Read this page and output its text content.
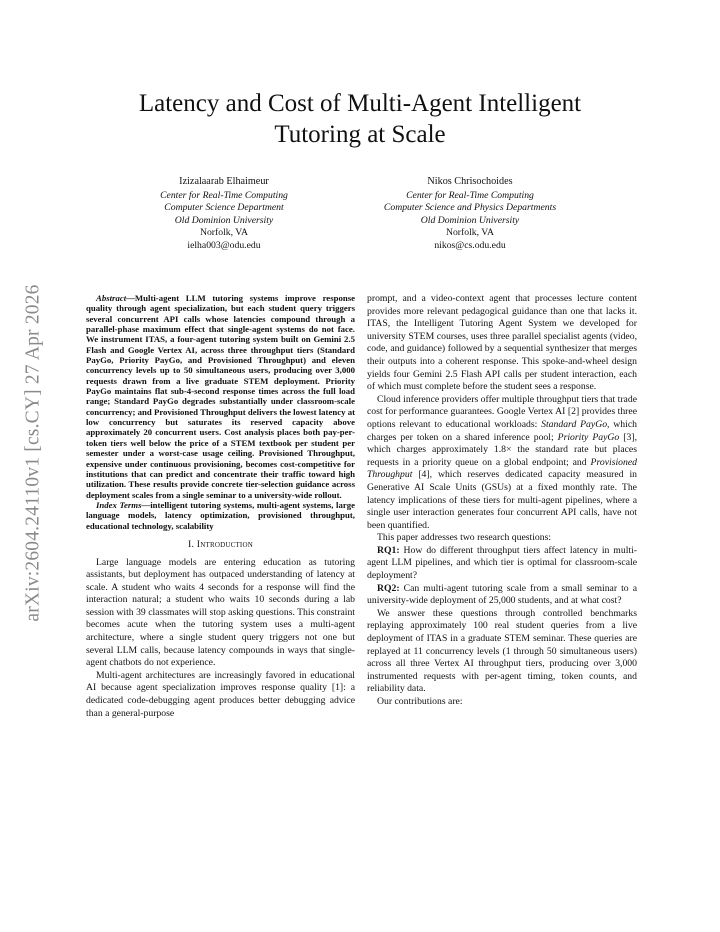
arXiv:2604.24110v1 [cs.CY] 27 Apr 2026
Latency and Cost of Multi-Agent Intelligent
Tutoring at Scale
Izizalaarab Elhaimeur
Center for Real-Time Computing
Computer Science Department
Old Dominion University
Norfolk, VA
ielha003@odu.edu
Nikos Chrisochoides
Center for Real-Time Computing
Computer Science and Physics Departments
Old Dominion University
Norfolk, VA
nikos@cs.odu.edu

Abstract—Multi-agent LLM tutoring systems improve response quality through agent specialization, but each student query triggers several concurrent API calls whose latencies compound through a parallel-phase maximum effect that single-agent systems do not face. We instrument ITAS, a four-agent tutoring system built on Gemini 2.5 Flash and Google Vertex AI, across three throughput tiers (Standard PayGo, Priority PayGo, and Provisioned Throughput) and eleven concurrency levels up to 50 simultaneous users, producing over 3,000 requests drawn from a live graduate STEM deployment. Priority PayGo maintains flat sub-4-second response times across the full load range; Standard PayGo degrades substantially under classroom-scale concurrency; and Provisioned Throughput delivers the lowest latency at low concurrency but saturates its reserved capacity above approximately 20 concurrent users. Cost analysis places both pay-per-token tiers well below the price of a STEM textbook per student per semester under a worst-case usage ceiling. Provisioned Throughput, expensive under continuous provisioning, becomes cost-competitive for institutions that can predict and concentrate their traffic toward high utilization. These results provide concrete tier-selection guidance across deployment scales from a single seminar to a university-wide rollout.

Index Terms—intelligent tutoring systems, multi-agent systems, large language models, latency optimization, provisioned throughput, educational technology, scalability

I. Introduction

Large language models are entering education as tutoring assistants, but deployment has outpaced understanding of latency at scale. A student who waits 4 seconds for a response will find the interaction natural; a student who waits 10 seconds during a lab session with 39 classmates will stop asking questions. This constraint becomes acute when the tutoring system uses a multi-agent architecture, where a single student query triggers not one but several LLM calls, because latency compounds in ways that single-agent chatbots do not experience.

Multi-agent architectures are increasingly favored in educational AI because agent specialization improves response quality [1]: a dedicated code-debugging agent produces better debugging advice than a general-purpose

prompt, and a video-context agent that processes lecture content provides more relevant pedagogical guidance than one that lacks it. ITAS, the Intelligent Tutoring Agent System we developed for university STEM courses, uses three parallel specialist agents (video, code, and guidance) followed by a sequential synthesizer that merges their outputs into a coherent response. This spoke-and-wheel design yields four Gemini 2.5 Flash API calls per student interaction, each of which must complete before the student sees a response.

Cloud inference providers offer multiple throughput tiers that trade cost for performance guarantees. Google Vertex AI [2] provides three options relevant to educational workloads: Standard PayGo, which charges per token on a shared inference pool; Priority PayGo [3], which charges approximately 1.8× the standard rate but places requests in a priority queue on a global endpoint; and Provisioned Throughput [4], which reserves dedicated capacity measured in Generative AI Scale Units (GSUs) at a fixed monthly rate. The latency implications of these tiers for multi-agent pipelines, where a single user interaction generates four concurrent API calls, have not been quantified.

This paper addresses two research questions:

RQ1: How do different throughput tiers affect latency in multi-agent LLM pipelines, and which tier is optimal for classroom-scale deployment?

RQ2: Can multi-agent tutoring scale from a small seminar to a university-wide deployment of 25,000 students, and at what cost?

We answer these questions through controlled benchmarks replaying approximately 100 real student queries from a live deployment of ITAS in a graduate STEM seminar. These queries are replayed at 11 concurrency levels (1 through 50 simultaneous users) across all three Vertex AI throughput tiers, producing over 3,000 instrumented requests with per-agent timing, token counts, and reliability data.

Our contributions are:
